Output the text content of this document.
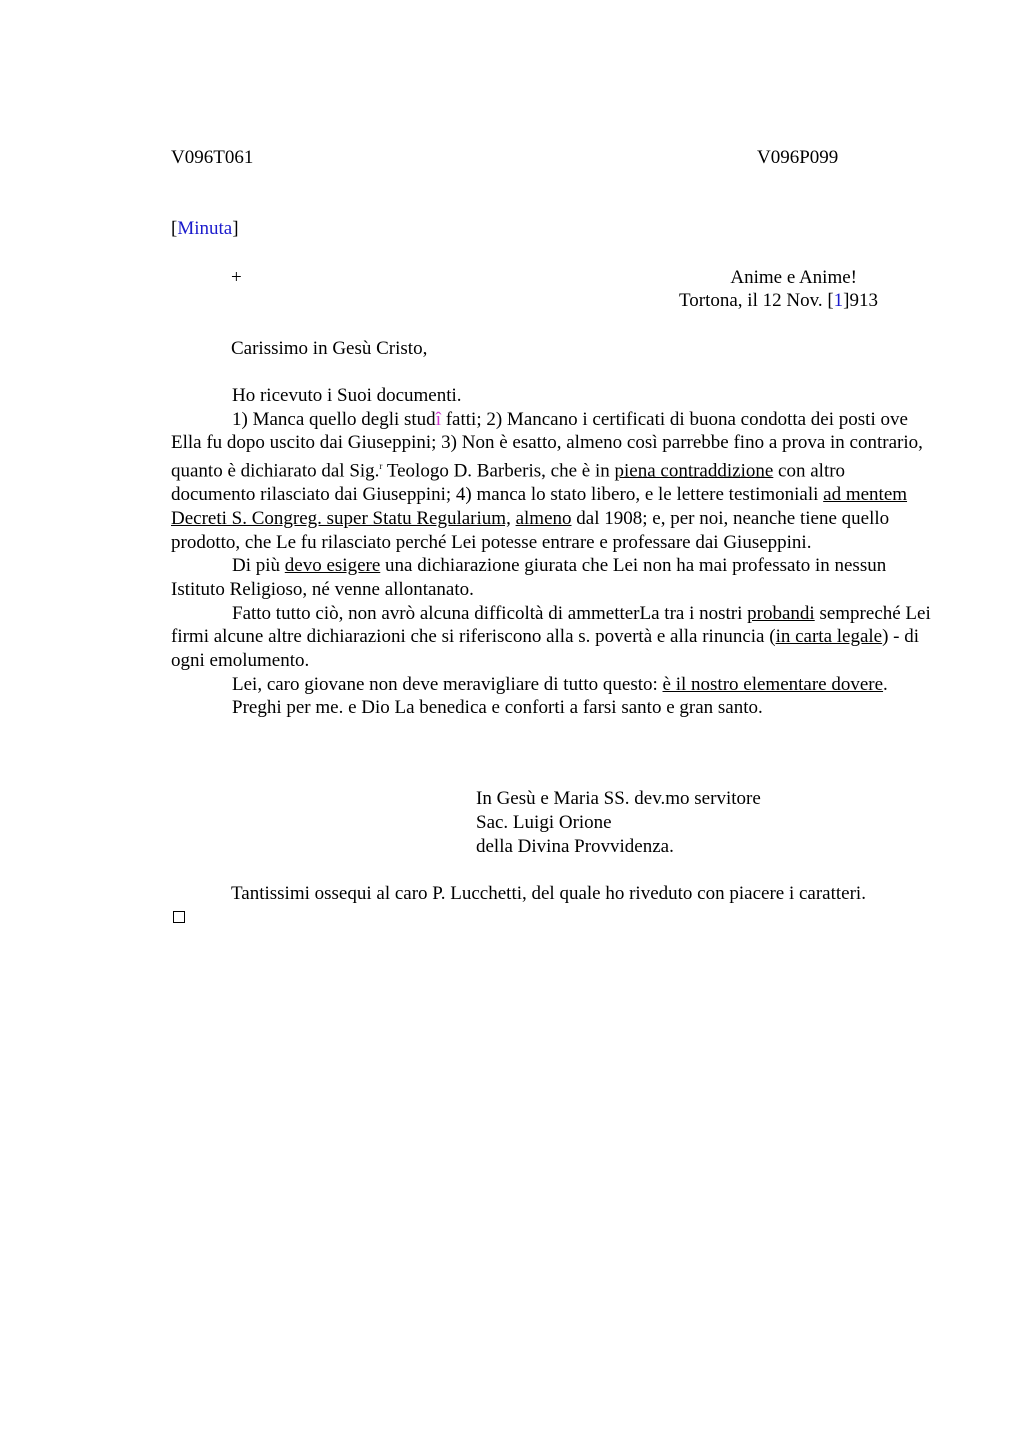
V096T061	V096P099
[Minuta]
+	Anime e Anime!
Tortona, il 12 Nov. [1]913
Carissimo in Gesù Cristo,

Ho ricevuto i Suoi documenti.

1) Manca quello degli studî fatti; 2) Mancano i certificati di buona condotta dei posti ove Ella fu dopo uscito dai Giuseppini; 3) Non è esatto, almeno così parrebbe fino a prova in contrario, quanto è dichiarato dal Sig.$^r$ Teologo D. Barberis, che è in piena contraddizione con altro documento rilasciato dai Giuseppini; 4) manca lo stato libero, e le lettere testimoniali ad mentem Decreti S. Congreg. super Statu Regularium, almeno dal 1908; e, per noi, neanche tiene quello prodotto, che Le fu rilasciato perché Lei potesse entrare e professare dai Giuseppini.

Di più devo esigere una dichiarazione giurata che Lei non ha mai professato in nessun Istituto Religioso, né venne allontanato.

Fatto tutto ciò, non avrò alcuna difficoltà di ammetterLa tra i nostri probandi sempreché Lei firmi alcune altre dichiarazioni che si riferiscono alla s. povertà e alla rinuncia (in carta legale) - di ogni emolumento.

Lei, caro giovane non deve meravigliare di tutto questo: è il nostro elementare dovere.

Preghi per me. e Dio La benedica e conforti a farsi santo e gran santo.

In Gesù e Maria SS. dev.mo servitore
Sac. Luigi Orione
della Divina Provvidenza.
Tantissimi ossequi al caro P. Lucchetti, del quale ho riveduto con piacere i caratteri.
